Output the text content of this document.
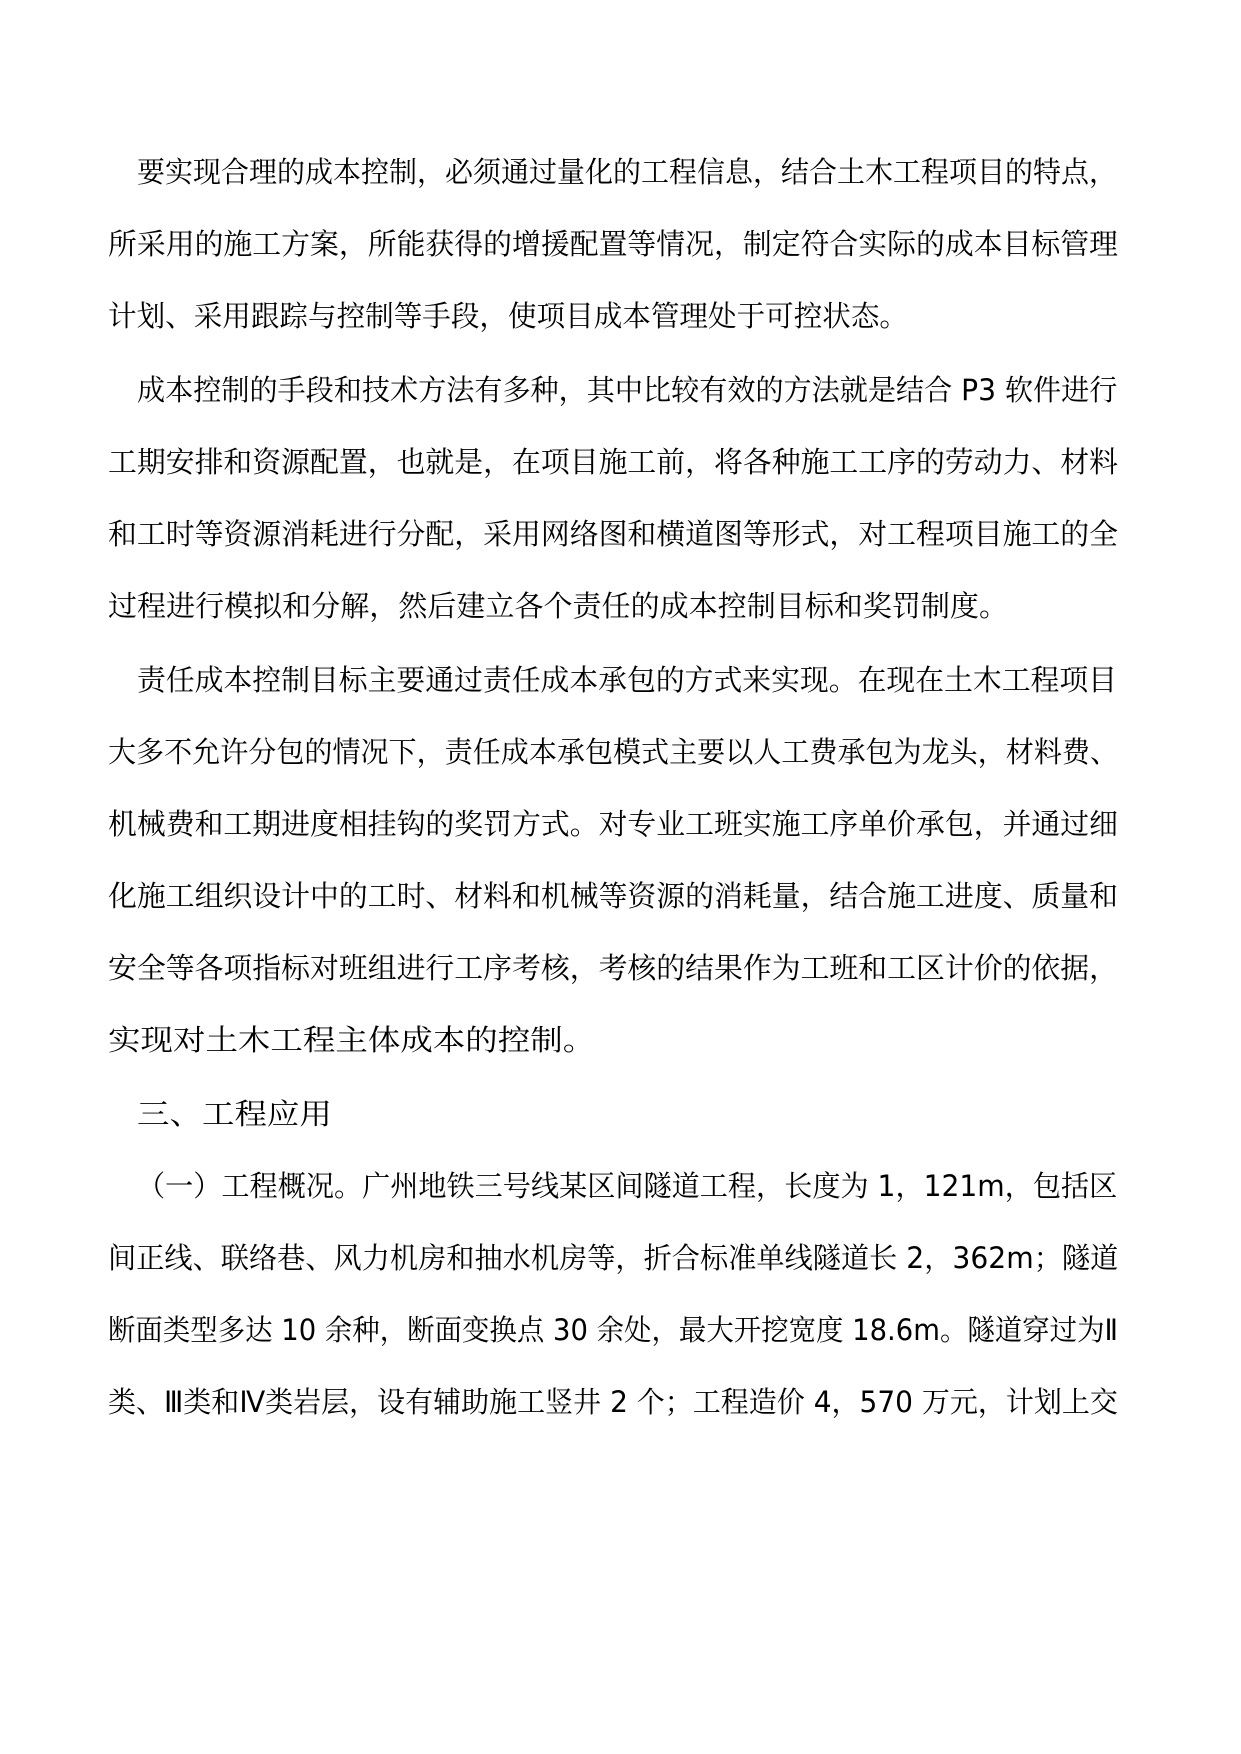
要实现合理的成本控制，必须通过量化的工程信息，结合土木工程项目的特点，
所采用的施工方案，所能获得的增援配置等情况，制定符合实际的成本目标管理
计划、采用跟踪与控制等手段，使项目成本管理处于可控状态。
成本控制的手段和技术方法有多种，其中比较有效的方法就是结合 P3 软件进行
工期安排和资源配置，也就是，在项目施工前，将各种施工工序的劳动力、材料
和工时等资源消耗进行分配，采用网络图和横道图等形式，对工程项目施工的全
过程进行模拟和分解，然后建立各个责任的成本控制目标和奖罚制度。
责任成本控制目标主要通过责任成本承包的方式来实现。在现在土木工程项目
大多不允许分包的情况下，责任成本承包模式主要以人工费承包为龙头，材料费、
机械费和工期进度相挂钩的奖罚方式。对专业工班实施工序单价承包，并通过细
化施工组织设计中的工时、材料和机械等资源的消耗量，结合施工进度、质量和
安全等各项指标对班组进行工序考核，考核的结果作为工班和工区计价的依据，
实现对土木工程主体成本的控制。
三、工程应用
（一）工程概况。广州地铁三号线某区间隧道工程，长度为 1，121m，包括区
间正线、联络巷、风力机房和抽水机房等，折合标准单线隧道长 2，362m；隧道
断面类型多达 10 余种，断面变换点 30 余处，最大开挖宽度 18.6m。隧道穿过为Ⅱ
类、Ⅲ类和Ⅳ类岩层，设有辅助施工竖井 2 个；工程造价 4，570 万元，计划上交
